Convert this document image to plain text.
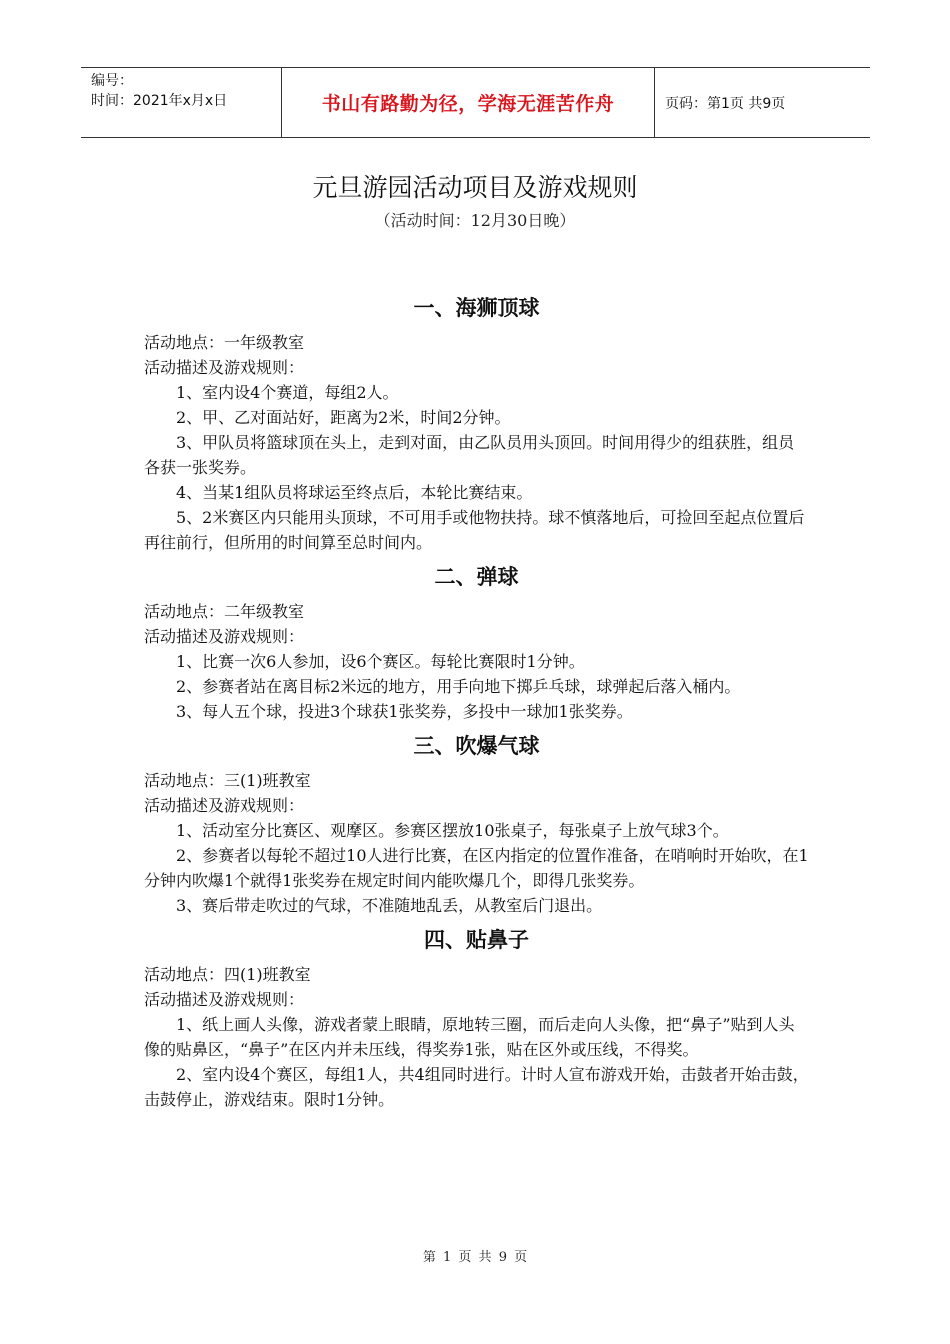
编号：
时间：2021年x月x日	书山有路勤为径，学海无涯苦作舟	页码：第1页 共9页
元旦游园活动项目及游戏规则
（活动时间：12月30日晚）
一、海狮顶球

活动地点：一年级教室

活动描述及游戏规则：

1、室内设4个赛道，每组2人。

2、甲、乙对面站好，距离为2米，时间2分钟。

3、甲队员将篮球顶在头上，走到对面，由乙队员用头顶回。时间用得少的组获胜，组员各获一张奖券。

4、当某1组队员将球运至终点后，本轮比赛结束。

5、2米赛区内只能用头顶球，不可用手或他物扶持。球不慎落地后，可捡回至起点位置后再往前行，但所用的时间算至总时间内。

二、弹球

活动地点：二年级教室

活动描述及游戏规则：

1、比赛一次6人参加，设6个赛区。每轮比赛限时1分钟。

2、参赛者站在离目标2米远的地方，用手向地下掷乒乓球，球弹起后落入桶内。

3、每人五个球，投进3个球获1张奖券，多投中一球加1张奖券。

三、吹爆气球

活动地点：三(1)班教室

活动描述及游戏规则：

1、活动室分比赛区、观摩区。参赛区摆放10张桌子，每张桌子上放气球3个。

2、参赛者以每轮不超过10人进行比赛，在区内指定的位置作准备，在哨响时开始吹，在1分钟内吹爆1个就得1张奖券在规定时间内能吹爆几个，即得几张奖券。

3、赛后带走吹过的气球，不准随地乱丢，从教室后门退出。

四、贴鼻子

活动地点：四(1)班教室

活动描述及游戏规则：

1、纸上画人头像，游戏者蒙上眼睛，原地转三圈，而后走向人头像，把“鼻子”贴到人头像的贴鼻区，“鼻子”在区内并未压线，得奖券1张，贴在区外或压线，不得奖。

2、室内设4个赛区，每组1人，共4组同时进行。计时人宣布游戏开始，击鼓者开始击鼓，击鼓停止，游戏结束。限时1分钟。

第 1 页 共 9 页
